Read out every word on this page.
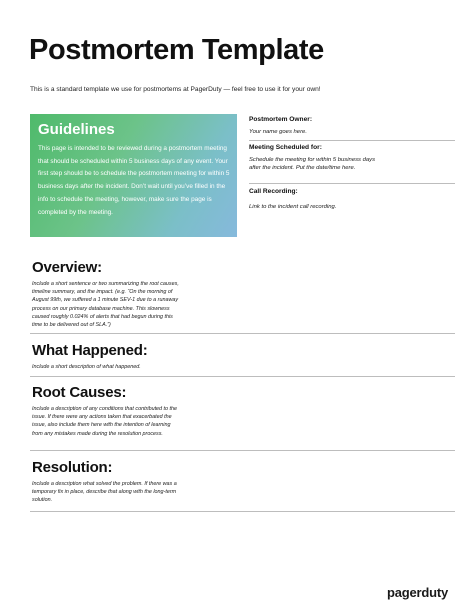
Postmortem Template

This is a standard template we use for postmortems at PagerDuty — feel free to use it for your own!

Guidelines

This page is intended to be reviewed during a postmortem meeting that should be scheduled within 5 business days of any event. Your first step should be to schedule the postmortem meeting for within 5 business days after the incident. Don’t wait until you’ve filled in the info to schedule the meeting, however, make sure the page is completed by the meeting.

Postmortem Owner:
Your name goes here.
Meeting Scheduled for:
Schedule the meeting for within 5 business days after the incident. Put the date/time here.
Call Recording:
Link to the incident call recording.
Overview:
Include a short sentence or two summarizing the root causes, timeline summary, and the impact. (e.g. “On the morning of August 99th, we suffered a 1 minute SEV-1 due to a runaway process on our primary database machine. This slowness caused roughly 0.024% of alerts that had begun during this time to be delivered out of SLA.”)
What Happened:
Include a short description of what happened.
Root Causes:
Include a description of any conditions that contributed to the issue. If there were any actions taken that exacerbated the issue, also include them here with the intention of learning from any mistakes made during the resolution process.
Resolution:
Include a description what solved the problem. If there was a temporary fix in place, describe that along with the long-term solution.
pagerduty
